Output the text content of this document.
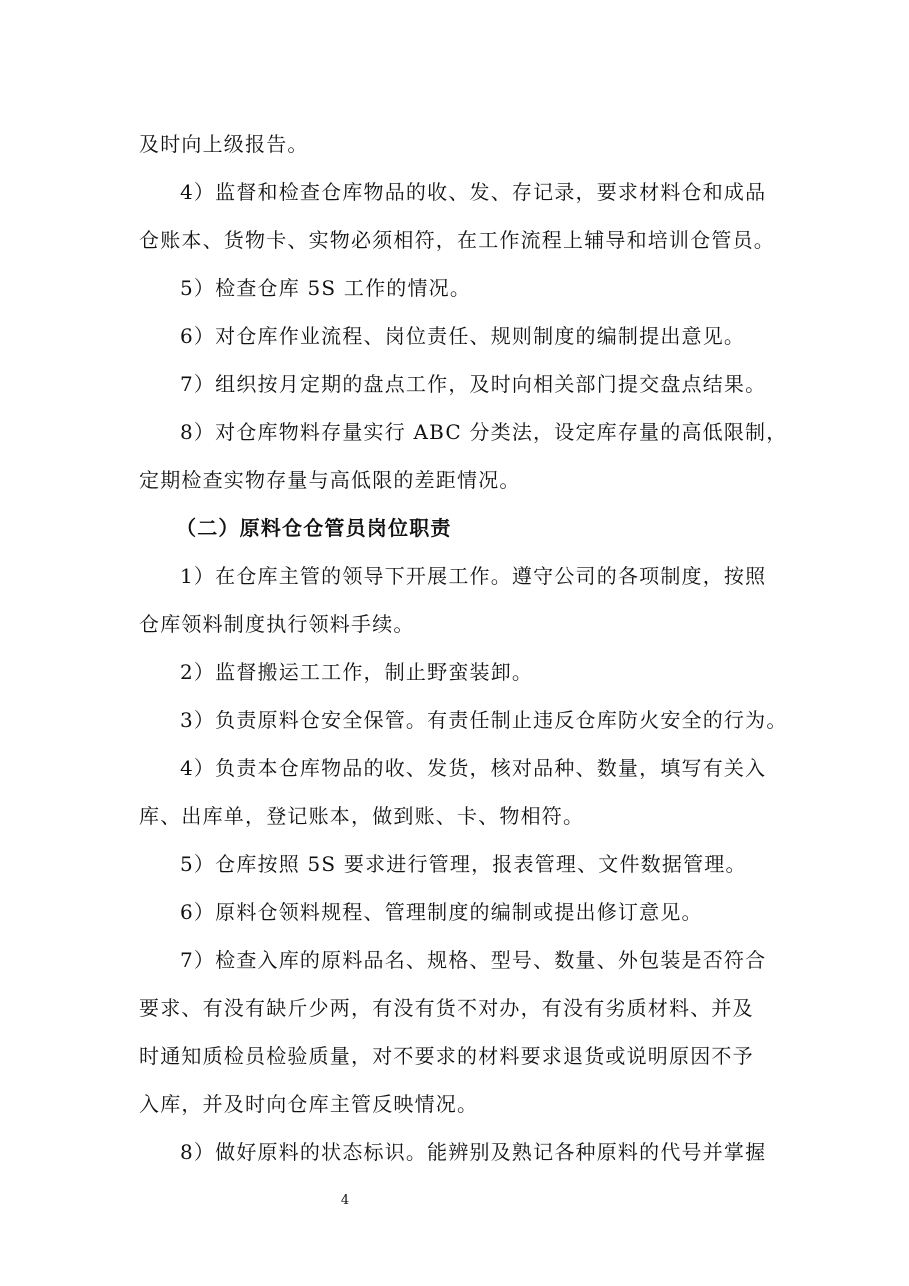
及时向上级报告。

4）监督和检查仓库物品的收、发、存记录，要求材料仓和成品

仓账本、货物卡、实物必须相符，在工作流程上辅导和培训仓管员。

5）检查仓库 5S 工作的情况。

6）对仓库作业流程、岗位责任、规则制度的编制提出意见。

7）组织按月定期的盘点工作，及时向相关部门提交盘点结果。

8）对仓库物料存量实行 ABC 分类法，设定库存量的高低限制，

定期检查实物存量与高低限的差距情况。

（二）原料仓仓管员岗位职责

1）在仓库主管的领导下开展工作。遵守公司的各项制度，按照

仓库领料制度执行领料手续。

2）监督搬运工工作，制止野蛮装卸。

3）负责原料仓安全保管。有责任制止违反仓库防火安全的行为。

4）负责本仓库物品的收、发货，核对品种、数量，填写有关入

库、出库单，登记账本，做到账、卡、物相符。

5）仓库按照 5S 要求进行管理，报表管理、文件数据管理。

6）原料仓领料规程、管理制度的编制或提出修订意见。

7）检查入库的原料品名、规格、型号、数量、外包装是否符合

要求、有没有缺斤少两，有没有货不对办，有没有劣质材料、并及

时通知质检员检验质量，对不要求的材料要求退货或说明原因不予

入库，并及时向仓库主管反映情况。

8）做好原料的状态标识。能辨别及熟记各种原料的代号并掌握

4
